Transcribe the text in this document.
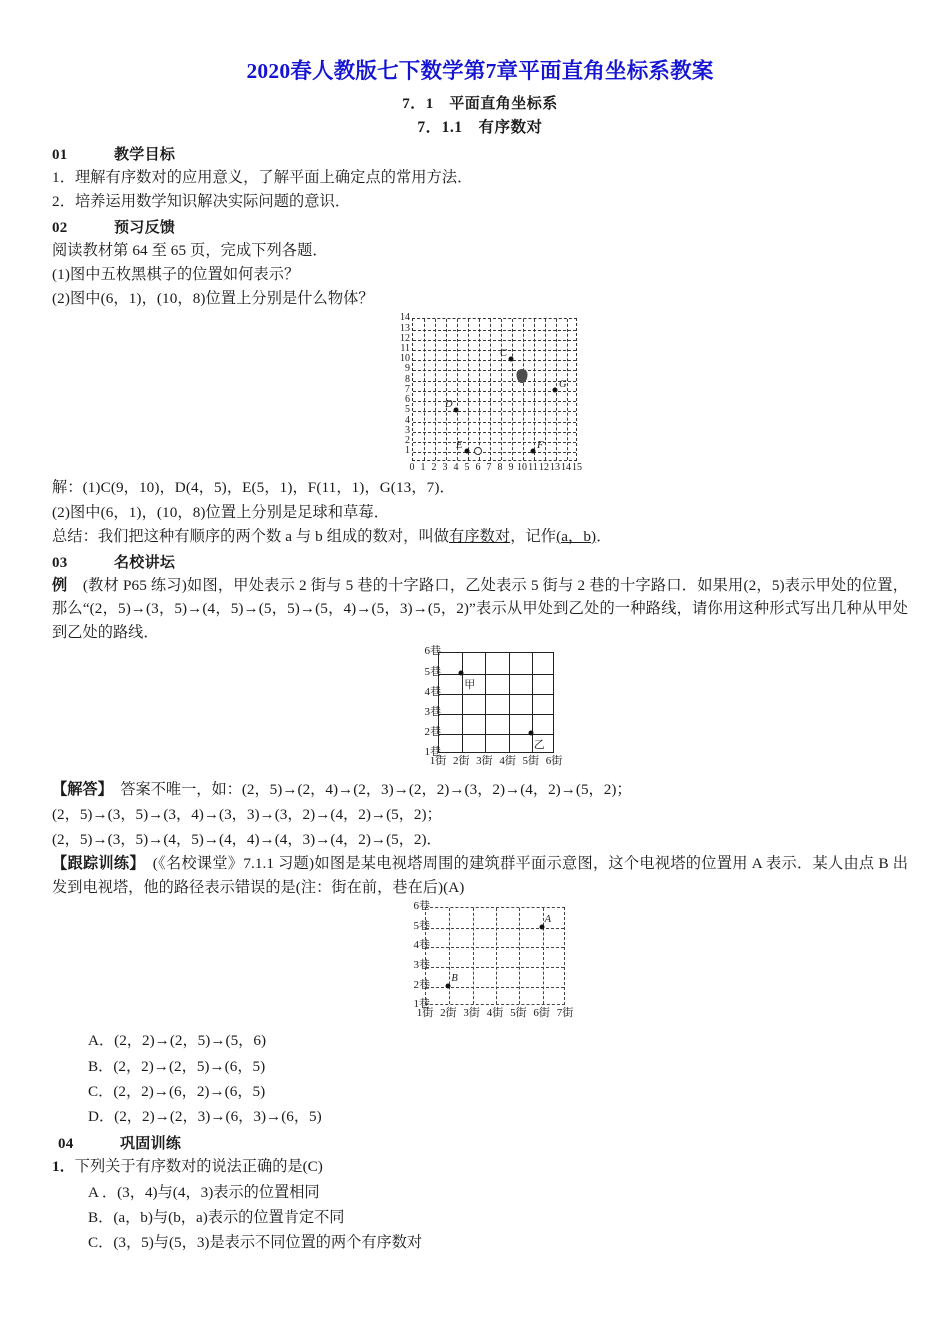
2020春人教版七下数学第7章平面直角坐标系教案
7．1　平面直角坐标系
7．1.1　有序数对
01	教学目标

1．理解有序数对的应用意义，了解平面上确定点的常用方法．

2．培养运用数学知识解决实际问题的意识．

02	预习反馈

阅读教材第 64 至 65 页，完成下列各题．

(1)图中五枚黑棋子的位置如何表示？

(2)图中(6，1)，(10，8)位置上分别是什么物体？

1
2
3
4
5
6
7
8
9
10
11
12
13
14
0 1 2 3 4 5 6 7 8 9 10 11 12 13 14 15
C
D
E	F
G

解：(1)C(9，10)，D(4，5)，E(5，1)，F(11，1)，G(13，7)．

(2)图中(6，1)，(10，8)位置上分别是足球和草莓．

总结：我们把这种有顺序的两个数 a 与 b 组成的数对，叫做有序数对，记作(a，b)．

03	名校讲坛

例　 (教材 P65 练习)如图，甲处表示 2 街与 5 巷的十字路口，乙处表示 5 街与 2 巷的十字路口．如果用(2，5)表示甲处的位置，那么“(2，5)→(3，5)→(4，5)→(5，5)→(5，4)→(5，3)→(5，2)”表示从甲处到乙处的一种路线，请你用这种形式写出几种从甲处到乙处的路线．

1巷
2巷
3巷
4巷
5巷
6巷
1街 2街 3街 4街 5街 6街
甲
乙

【解答】　 答案不唯一，如：(2，5)→(2，4)→(2，3)→(2，2)→(3，2)→(4，2)→(5，2)；

(2，5)→(3，5)→(3，4)→(3，3)→(3，2)→(4，2)→(5，2)；

(2，5)→(3，5)→(4，5)→(4，4)→(4，3)→(4，2)→(5，2)．

【跟踪训练】　 (《名校课堂》7.1.1 习题)如图是某电视塔周围的建筑群平面示意图，这个电视塔的位置用 A 表示．某人由点 B 出发到电视塔，他的路径表示错误的是(注：街在前，巷在后)(A)

1巷
2巷
3巷
4巷
5巷
6巷
1街 2街 3街 4街 5街 6街 7街
A
B

A．(2，2)→(2，5)→(5，6)

B．(2，2)→(2，5)→(6，5)

C．(2，2)→(6，2)→(6，5)

D．(2，2)→(2，3)→(6，3)→(6，5)

04	巩固训练

1．下列关于有序数对的说法正确的是(C)

A ．(3，4)与(4，3)表示的位置相同

B．(a，b)与(b，a)表示的位置肯定不同

C．(3，5)与(5，3)是表示不同位置的两个有序数对
